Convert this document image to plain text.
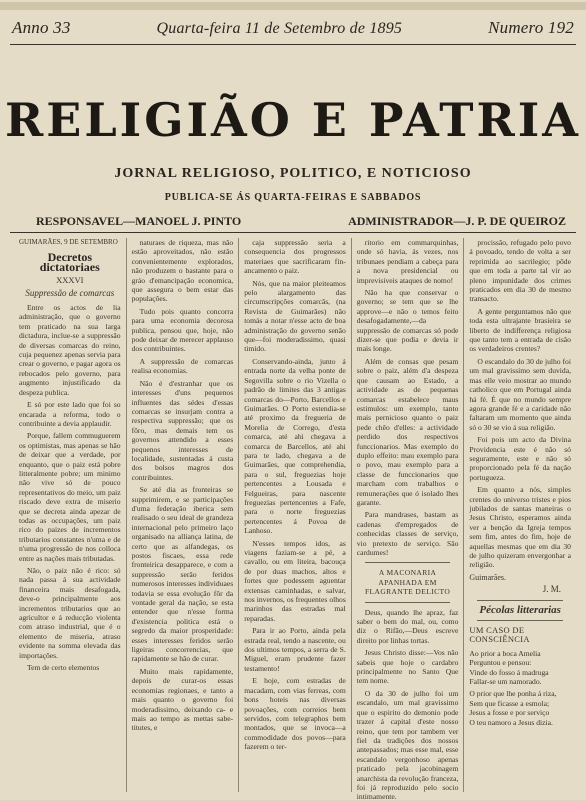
Anno 33	Quarta-feira 11 de Setembro de 1895	Numero 192
RELIGIÃO E PATRIA
JORNAL RELIGIOSO, POLITICO, E NOTICIOSO
PUBLICA-SE ÁS QUARTA-FEIRAS E SABBADOS
RESPONSAVEL—MANOEL J. PINTO	ADMINISTRADOR—J. P. DE QUEIROZ

GUIMARÃES, 9 DE SETEMBRO

Decretos dictatoriaes

XXXVI

Suppressão de comarcas

Entre os actos de lia administração, que o governo tem praticado na sua larga dictadura, inclue-se a suppressão de diversas comarcas do reino, cuja pequenez apenas servia para crear o governo, e pagar agora os rebocados pelo governo, para augmento injustificado da despeza publica.

E só por este lado que foi so encarada a reforma, todo o contribuinte a devia applaudir.

Porque, fallem commuguerem os optimistas, mas apenas se hão de deixar que a verdade, por enquanto, que o paiz está pobre litteralmente pobre; um minimo não vive só de pouco representativos do meio, um paiz riscado deve extra de miserio que se decreta ainda apezar de todas as occupações, um paiz rico do paizes de incrementos tributarios constantes n'uma e de n'uma progressão de nos colloca entre as nações mais tributadas.

Não, o paiz não é rico: só nada passa á sua actividade financeira mais desafogada, deve-o principalmente aos incrementos tributarios que ao agricultor e á reducção violenta com atraso industrial, que é o elemento de miseria, atraso evidente na somma elevada das importações.

Tem de certo elementos

naturaes de riqueza, mas não estão aproveitados, não estão convenientemente explorados, não produzem o bastante para o gráo d'emancipação economica, que assegura o bem estar das populações.

Tudo pois quanto concorra para uma economia decorosa publica, pensou que, hoje, não pode deixar de merecer applauso dos contribuintes.

A suppressão de comarcas realisa economias.

Não é d'estranhar que os interesses d'uns pequenos influentes das sédes d'essas comarcas se insurjam contra a respectiva suppressão; que os fôro, mas demais tem os governos attendido a esses pequenos interesses de localidade, sustentadas á custa dos bolsos magros dos contribuintes.

Se até dia as fronteiras se supprimirem, e se participações d'uma federação iberica sem realisado o seu ideal de grandeza internacional pelo primeiro laço organisado na alliança latina, de certo que as alfandegas, os postos fiscaes, essa rede fronteirica desapparece, e com a suppressão serão feridos numerosos interesses individuaes todavia se essa evolução fôr da vontade geral da nação, se esta entender que n'esse forma d'existencia politica está o segredo da maior prosperidade: esses interesses feridos serão ligeiras concorrencias, que rapidamente se hão de curar.

Muito mais rapidamente, depois de curar-os essas economias regionaes, e tanto a mais quanto o governo foi moderadissimo, deixando ca- e mais ao tempo as mettas sabe-titutes, e

caja suppressão seria a consequencia dos progressos materiaes que sacrificaram fin-ancamento o paiz.

Nós, que na maior pleiteamos pelo alargamento das circumscripções comarcãs, (na Revista de Guimarães) não tomás a notar n'esse acto de boa administração do governo senão que—foi moderadissimo, quasi timido.

Conservando-ainda, junto á entrada norte da velha ponte de Segovilla sobre o rio Vizella o padrão de limites das 3 antigas comarcas do—Porto, Barcellos e Guimarães. O Porto estendia-se até proximo da fregueria de Morelia de Corrego, d'esta comarca, até ahi chegava a comarca de Barcellos, até ahi para te lado, chegava a de Guimarães, que comprehendia, para o sul, freguezias hoje pertencentes a Lousada e Felgueiras, para nascente freguezias pertencentes a Fafe, para o norte freguezias pertencentes á Povoa de Lanhoso.

N'esses tempos idos, as viagens faziam-se a pé, a cavallo, ou em liteira, bacouça de por duas machos, altos e fortes que podessem aguentar extensas caminhadas, e salvar, nos invernos, os frequentes olhos marinhos das estradas mal reparadas.

Para ir ao Porto, ainda pela estrada real, tendo a nascente, ou dos ultimos tempos, a serra de S. Miguel, eram prudente fazer testamento!

E hoje, com estradas de macadam, com vias ferreas, com bons hoteis nas diversas povoações, com correios bem servidos, com telegraphos bem montados, que se invoca—a commodidade dos povos—para fazerem o ter-

ritorio em commarquinhas, onde só havia, ás vezes, nos tribunaes pendiam a cabeça para a nova presidencial ou imprevisiveis ataques de nomo!

Não ha que conservar o governo; se tem que se lhe approve—e não o temos feito desafogadamente,—da suppressão de comarcas só pode dizer-se que podia e devia ir mais longe.

Além de consas que pesam sobre o paiz, além d'a despeza que causam ao Estado, a actividade as de pequenas comarcas estabelece maus estimulos: um exemplo, tanto mais pernicioso quanto o paiz pede chêo d'elles: a actividade perdido dos respectivos funccionarios. Mas exemplo do duplo effeito: mau exemplo para o povo, mau exemplo para a classe de funccionarios que marcham com trabalhos e remunerações que ó isolado lhes garante.

Para mandrases, bastam as cadenas d'empregados de conhecidas classes de serviço, vio pretexto de serviço. São cardumes!

A MACONARIA APANHADA EM FLAGRANTE DELICTO

Deus, quando lhe apraz, faz saber o bem do mal, ou, como diz o Rifão,—Deus escreve direito por linhas tortas.

Jesus Christo disse:—Vos não sabeis que hoje o cardabro principalmente no Santo Que tem nome.

O da 30 de julho foi um escandalo, um mal gravissimo que o espirito do demonio pode trazer á capital d'este nosso reino, que tem por tambem ver fiel da tradições dos nossos antepassados; mas esse mal, esse escandalo vergonhoso apenas praticado pela jacobinagem anarchista da revolução franceza, foi já reproduzido pelo socio intimamente.

procissão, refugado pelo povo á povoado, tendo de volta a ser reprimida ao sacrilegio; pôde que em toda a parte tal vir ao pleno impunidade dos crimes praticados em dia 30 de mesmo transacto.

A gente perguntamos não que toda esta ultrajante brasieira se liberto de indifferença religiosa que tanto tem a entrada de cisão os verdadeiros crentes?

O escandalo do 30 de julho foi um mal gravissimo sem duvida, mas elle veio mostrar ao mundo catholico que em Portugal ainda há fé. É que no mundo sempre agora grande fé e a caridade não faltaram um momento que ainda só o 30 se vio á sua religião.

Foi pois um acto da Divina Providencia este é não só seguramente, este e não só proporcionado pela fé da nação portugueza.

Em quanto a nós, simples crentes do universo tristes e pios jubilados de santas maneiras o Jesus Christo, esperamos ainda ver a benção da Igreja tempos sem fim, antes do fim, hoje de aquellas mesmas que em dia 30 de julho quizeram envergonhar a religião.

Guimarães.

J. M.

Pécolas litterarias

UM CASO DE CONSCIÊNCIA

Ao prior a boca Amelia

Perguntou e pensou:

Vinde do fosso á madruga

Fallar-se um namorado.

O prior que lhe ponha á riza,

Sem que ficasse a esmola;

Jesus a fosse e por serviço

O teu namoro a Jesus dizia.
